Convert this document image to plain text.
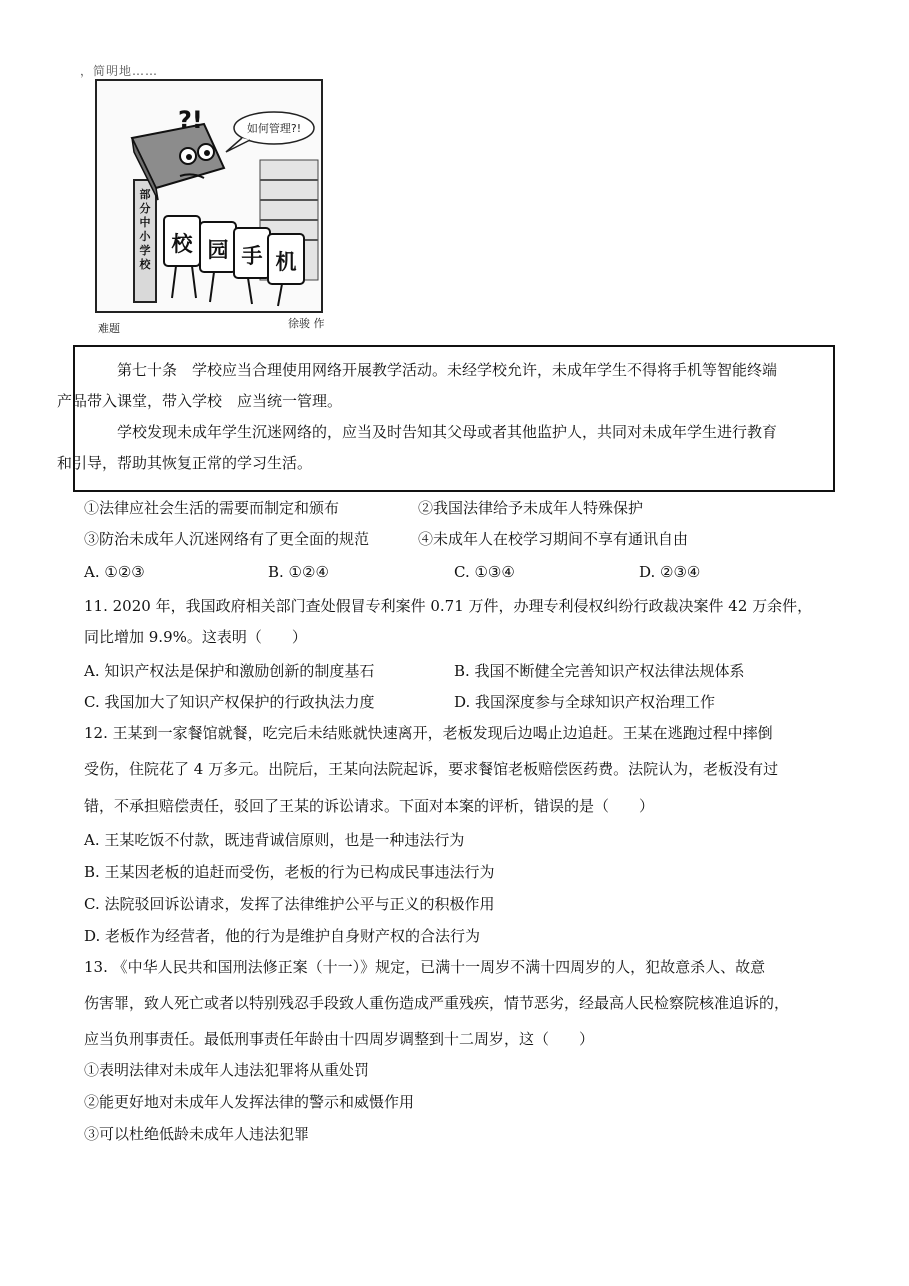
，简明地……
如何管理?!
?!
校 园 手 机
部
分
中
小
学
校
难题	徐骏 作

第七十条　学校应当合理使用网络开展教学活动。未经学校允许，未成年学生不得将手机等智能终端
产品带入课堂，带入学校　应当统一管理。

学校发现未成年学生沉迷网络的，应当及时告知其父母或者其他监护人，共同对未成年学生进行教育
和引导，帮助其恢复正常的学习生活。

①法律应社会生活的需要而制定和颁布	②我国法律给予未成年人特殊保护
③防治未成年人沉迷网络有了更全面的规范	④未成年人在校学习期间不享有通讯自由
A. ①②③	B. ①②④	C. ①③④	D. ②③④
11. 2020 年，我国政府相关部门查处假冒专利案件 0.71 万件，办理专利侵权纠纷行政裁决案件 42 万余件，
同比增加 9.9%。这表明（　　）
A. 知识产权法是保护和激励创新的制度基石	B. 我国不断健全完善知识产权法律法规体系
C. 我国加大了知识产权保护的行政执法力度	D. 我国深度参与全球知识产权治理工作
12. 王某到一家餐馆就餐，吃完后未结账就快速离开，老板发现后边喝止边追赶。王某在逃跑过程中摔倒
受伤，住院花了 4 万多元。出院后，王某向法院起诉，要求餐馆老板赔偿医药费。法院认为，老板没有过
错，不承担赔偿责任，驳回了王某的诉讼请求。下面对本案的评析，错误的是（　　）
A. 王某吃饭不付款，既违背诚信原则，也是一种违法行为
B. 王某因老板的追赶而受伤，老板的行为已构成民事违法行为
C. 法院驳回诉讼请求，发挥了法律维护公平与正义的积极作用
D. 老板作为经营者，他的行为是维护自身财产权的合法行为
13. 《中华人民共和国刑法修正案（十一）》规定，已满十一周岁不满十四周岁的人，犯故意杀人、故意
伤害罪，致人死亡或者以特别残忍手段致人重伤造成严重残疾，情节恶劣，经最高人民检察院核准追诉的，
应当负刑事责任。最低刑事责任年龄由十四周岁调整到十二周岁，这（　　）
①表明法律对未成年人违法犯罪将从重处罚
②能更好地对未成年人发挥法律的警示和威慑作用
③可以杜绝低龄未成年人违法犯罪
